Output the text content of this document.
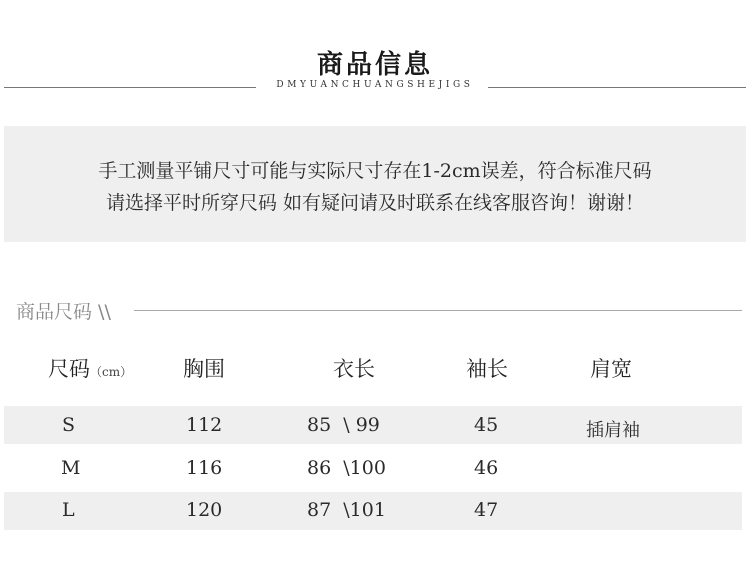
商品信息
DMYUANCHUANGSHEJIGS
手工测量平铺尺寸可能与实际尺寸存在1-2cm误差，符合标准尺码
请选择平时所穿尺码 如有疑问请及时联系在线客服咨询！谢谢！
商品尺码 \\
尺码（cm） 胸围	衣长	袖长	肩宽
S	112	85  \ 99	45	插肩袖
M	116	86  \100	46
L	120	87  \101	47
